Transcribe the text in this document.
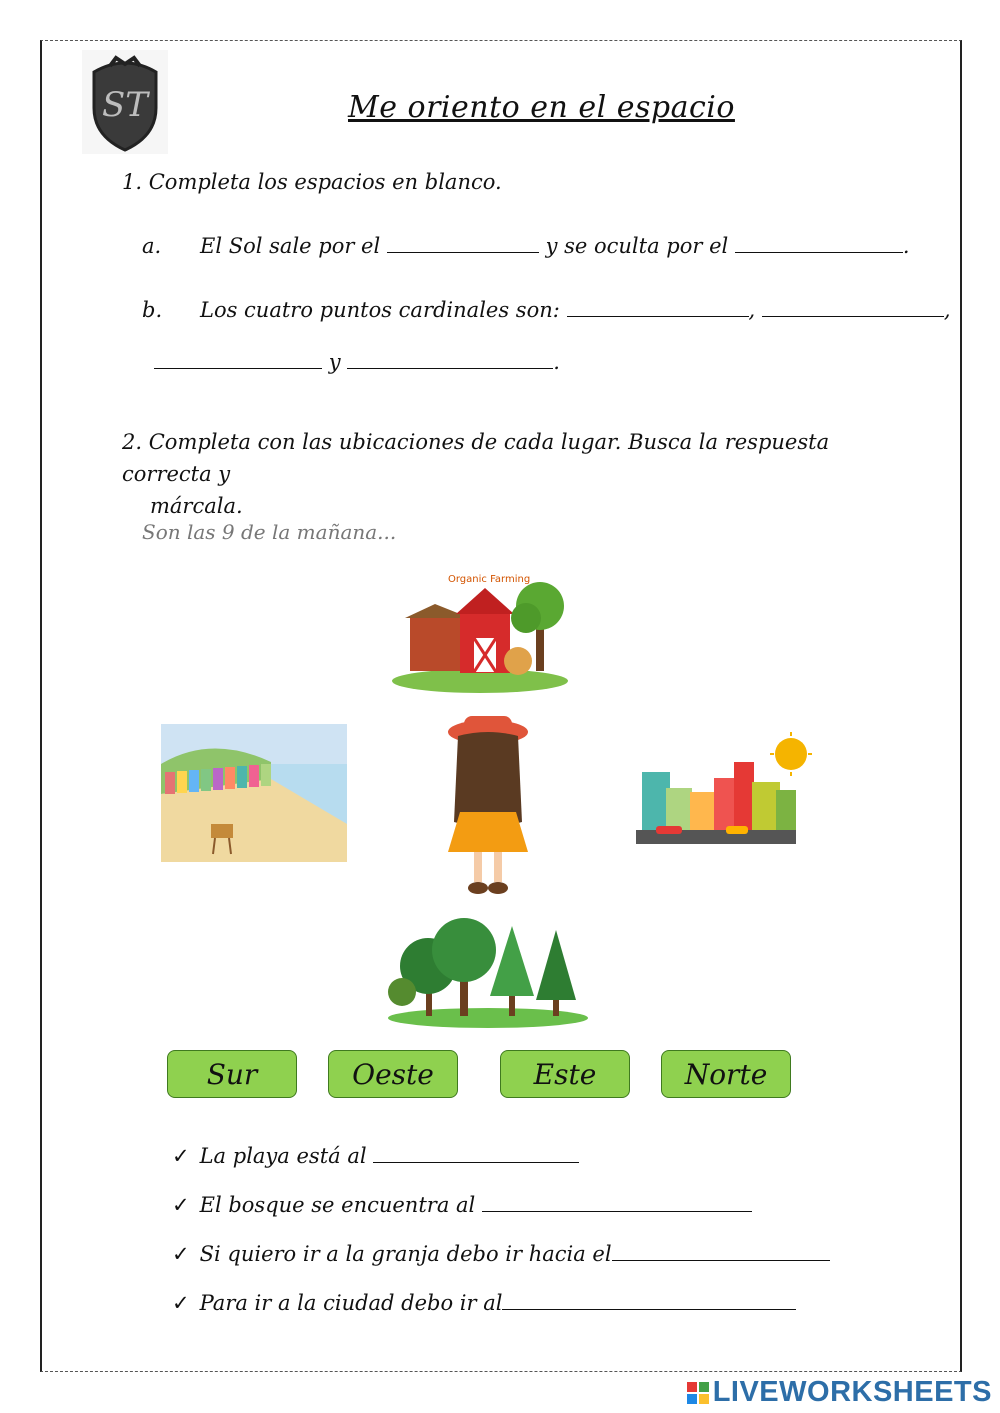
ST	Me oriento en el espacio
1. Completa los espacios en blanco.
a. El Sol sale por el	y se oculta por el	.
b. Los cuatro puntos cardinales son:	,	,
y	.
2. Completa con las ubicaciones de cada lugar. Busca la respuesta correcta y
márcala.
Son las 9 de la mañana...
Organic Farming
Sur	Oeste	Este	Norte
✓ La playa está al
✓ El bosque se encuentra al
✓ Si quiero ir a la granja debo ir hacia el
✓ Para ir a la ciudad debo ir al
LIVEWORKSHEETS
